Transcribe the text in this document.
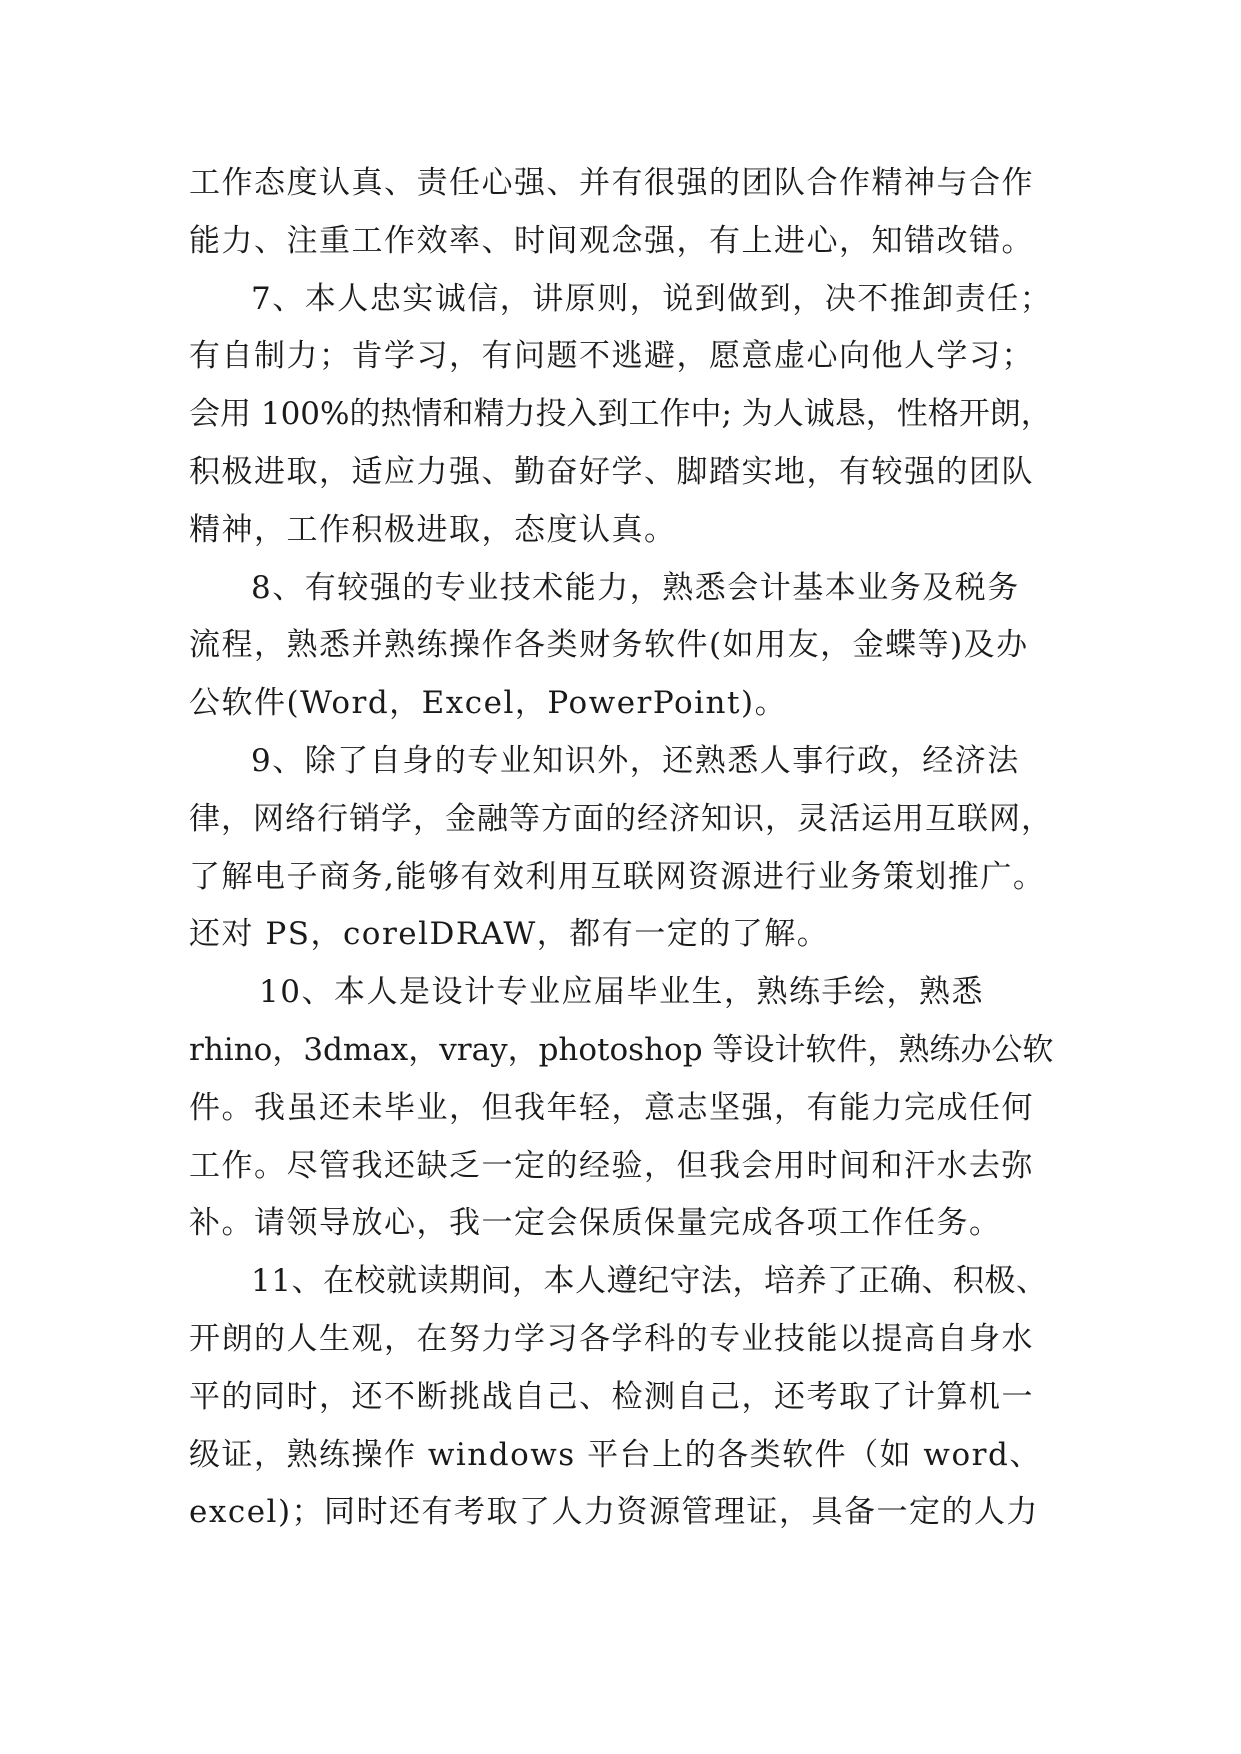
工作态度认真、责任心强、并有很强的团队合作精神与合作
能力、注重工作效率、时间观念强，有上进心，知错改错。
7、本人忠实诚信，讲原则，说到做到，决不推卸责任；
有自制力；肯学习，有问题不逃避，愿意虚心向他人学习；
会用 100%的热情和精力投入到工作中; 为人诚恳，性格开朗，
积极进取，适应力强、勤奋好学、脚踏实地，有较强的团队
精神，工作积极进取，态度认真。
8、有较强的专业技术能力，熟悉会计基本业务及税务
流程，熟悉并熟练操作各类财务软件(如用友，金蝶等)及办
公软件(Word，Excel，PowerPoint)。
9、除了自身的专业知识外，还熟悉人事行政，经济法
律，网络行销学，金融等方面的经济知识，灵活运用互联网，
了解电子商务,能够有效利用互联网资源进行业务策划推广。
还对 PS，corelDRAW，都有一定的了解。
10、本人是设计专业应届毕业生，熟练手绘，熟悉
rhino，3dmax，vray，photoshop 等设计软件，熟练办公软
件。我虽还未毕业，但我年轻，意志坚强，有能力完成任何
工作。尽管我还缺乏一定的经验，但我会用时间和汗水去弥
补。请领导放心，我一定会保质保量完成各项工作任务。
11、在校就读期间，本人遵纪守法，培养了正确、积极、
开朗的人生观，在努力学习各学科的专业技能以提高自身水
平的同时，还不断挑战自己、检测自己，还考取了计算机一
级证，熟练操作 windows 平台上的各类软件（如 word、
excel)；同时还有考取了人力资源管理证，具备一定的人力
